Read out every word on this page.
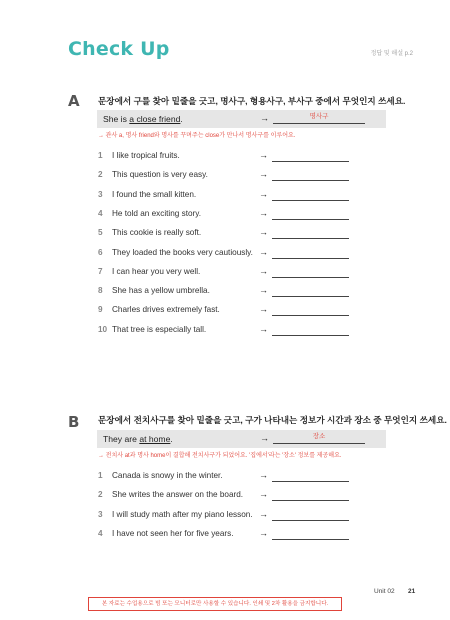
Check Up	정답 및 해설 p.2
A 문장에서 구를 찾아 밑줄을 긋고, 명사구, 형용사구, 부사구 중에서 무엇인지 쓰세요.
She is a close friend.	→	명사구
→ 관사 a, 명사 friend와 명사를 꾸며주는 close가 만나서 명사구를 이루어요.
1	I like tropical fruits.	→
2	This question is very easy.	→
3	I found the small kitten.	→
4	He told an exciting story.	→
5	This cookie is really soft.	→
6	They loaded the books very cautiously. →
7	I can hear you very well.	→
8	She has a yellow umbrella.	→
9	Charles drives extremely fast.	→
10 That tree is especially tall.	→
B 문장에서 전치사구를 찾아 밑줄을 긋고, 구가 나타내는 정보가 시간과 장소 중 무엇인지 쓰세요.
They are at home.	→	장소
→ 전치사 at과 명사 home이 결합해 전치사구가 되었어요. '집에서'라는 '장소' 정보를 제공해요.
1	Canada is snowy in the winter.	→
2	She writes the answer on the board. →
3	I will study math after my piano lesson. →
4	I have not seen her for five years.	→
Unit 02 21
본 자료는 수업용으로 빔 또는 모니터로만 사용할 수 있습니다. 인쇄 및 2차 활용을 금지합니다.
